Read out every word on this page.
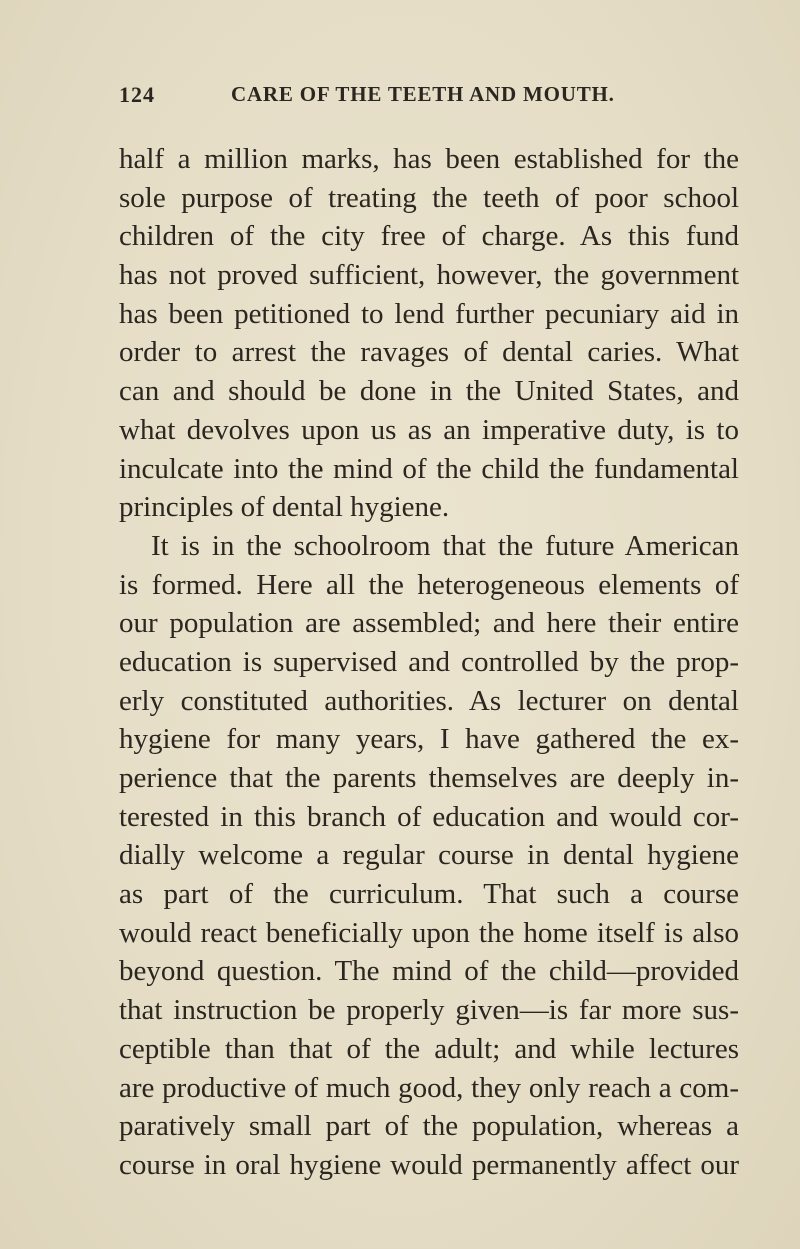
124	CARE OF THE TEETH AND MOUTH.
half a million marks, has been established for the
sole purpose of treating the teeth of poor school
children of the city free of charge. As this fund
has not proved sufficient, however, the government
has been petitioned to lend further pecuniary aid in
order to arrest the ravages of dental caries. What
can and should be done in the United States, and
what devolves upon us as an imperative duty, is to
inculcate into the mind of the child the fundamental
principles of dental hygiene.
It is in the schoolroom that the future American
is formed. Here all the heterogeneous elements of
our population are assembled; and here their entire
education is supervised and controlled by the prop-
erly constituted authorities. As lecturer on dental
hygiene for many years, I have gathered the ex-
perience that the parents themselves are deeply in-
terested in this branch of education and would cor-
dially welcome a regular course in dental hygiene
as part of the curriculum. That such a course
would react beneficially upon the home itself is also
beyond question. The mind of the child—provided
that instruction be properly given—is far more sus-
ceptible than that of the adult; and while lectures
are productive of much good, they only reach a com-
paratively small part of the population, whereas a
course in oral hygiene would permanently affect our
